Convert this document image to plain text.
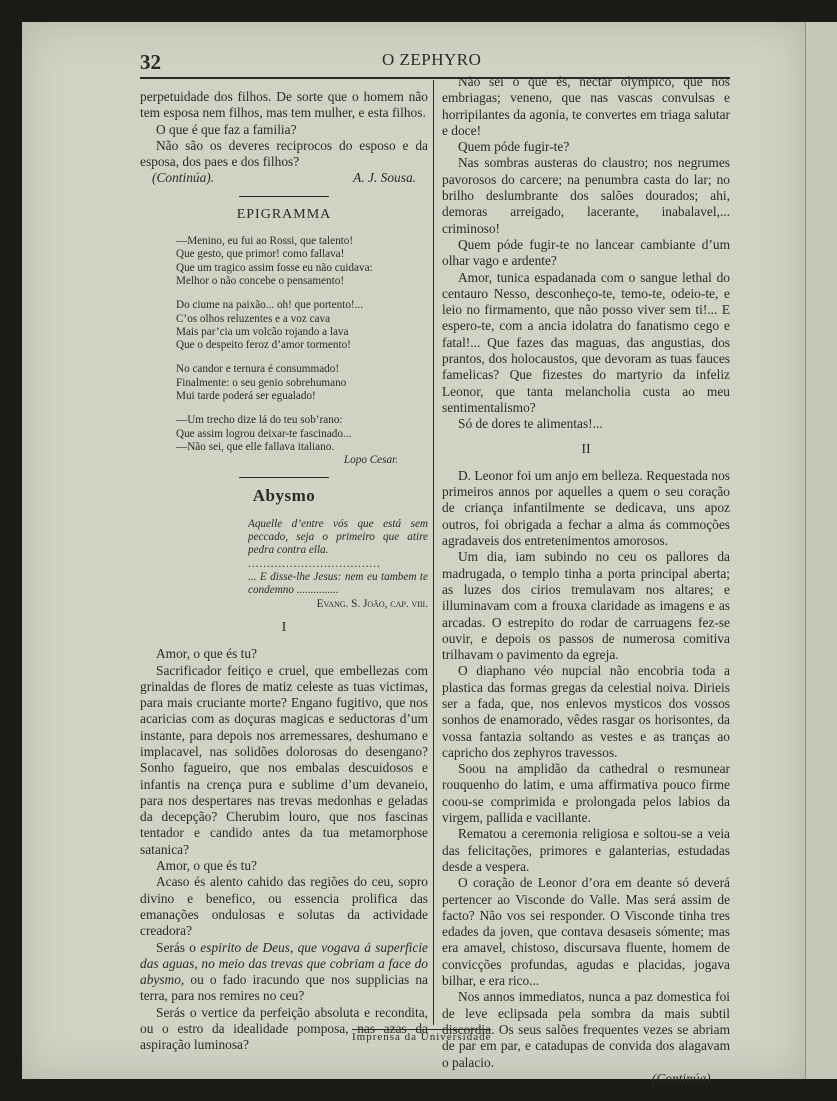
32	O ZEPHYRO

perpetuidade dos filhos. De sorte que o homem não tem esposa nem filhos, mas tem mulher, e esta filhos.

O que é que faz a familia?

Não são os deveres reciprocos do esposo e da esposa, dos paes e dos filhos?

(Continúa).	A. J. Sousa.
EPIGRAMMA
—Menino, eu fui ao Rossi, que talento!
Que gesto, que primor! como fallava!
Que um tragico assim fosse eu não cuidava:
Melhor o não concebe o pensamento!
Do ciume na paixão... oh! que portento!...
C’os olhos reluzentes e a voz cava
Mais par’cia um volcão rojando a lava
Que o despeito feroz d’amor tormento!
No candor e ternura é consummado!
Finalmente: o seu genio sobrehumano
Mui tarde poderá ser egualado!
—Um trecho dize lá do teu sob’rano:
Que assim logrou deixar-te fascinado...
—Não sei, que elle fallava italiano.
Lopo Cesar.
Abysmo
Aquelle d’entre vós que está sem peccado, seja o primeiro que atire pedra contra ella.
...................................
... E disse-lhe Jesus: nem eu tambem te condemno ...............
Evang. S. João, cap. viii.
I

Amor, o que és tu?

Sacrificador feitiço e cruel, que embellezas com grinaldas de flores de matiz celeste as tuas victimas, para mais cruciante morte? Engano fugitivo, que nos acaricias com as doçuras magicas e seductoras d’um instante, para depois nos arremessares, deshumano e implacavel, nas solidões dolorosas do desengano? Sonho fagueiro, que nos embalas descuidosos e infantis na crença pura e sublime d’um devaneio, para nos despertares nas trevas medonhas e geladas da decepção? Cherubim louro, que nos fascinas tentador e candido antes da tua metamorphose satanica?

Amor, o que és tu?

Acaso és alento cahido das regiões do ceu, sopro divino e benefico, ou essencia prolifica das emanações ondulosas e solutas da actividade creadora?

Serás o espirito de Deus, que vogava á superficie das aguas, no meio das trevas que cobriam a face do abysmo, ou o fado iracundo que nos supplicias na terra, para nos remires no ceu?

Serás o vertice da perfeição absoluta e recondita, ou o estro da idealidade pomposa, nas azas da aspiração luminosa?

Não sei o que és, nectar olympico, que nos embriagas; veneno, que nas vascas convulsas e horripilantes da agonia, te convertes em triaga salutar e doce!

Quem póde fugir-te?

Nas sombras austeras do claustro; nos negrumes pavorosos do carcere; na penumbra casta do lar; no brilho deslumbrante dos salões dourados; ahi, demoras arreigado, lacerante, inabalavel,... criminoso!

Quem póde fugir-te no lancear cambiante d’um olhar vago e ardente?

Amor, tunica espadanada com o sangue lethal do centauro Nesso, desconheço-te, temo-te, odeio-te, e leio no firmamento, que não posso viver sem ti!... E espero-te, com a ancia idolatra do fanatismo cego e fatal!... Que fazes das maguas, das angustias, dos prantos, dos holocaustos, que devoram as tuas fauces famelicas? Que fizestes do martyrio da infeliz Leonor, que tanta melancholia custa ao meu sentimentalismo?

Só de dores te alimentas!...

II

D. Leonor foi um anjo em belleza. Requestada nos primeiros annos por aquelles a quem o seu coração de criança infantilmente se dedicava, uns apoz outros, foi obrigada a fechar a alma ás commoções agradaveis dos entretenimentos amorosos.

Um dia, iam subindo no ceu os pallores da madrugada, o templo tinha a porta principal aberta; as luzes dos cirios tremulavam nos altares; e illuminavam com a frouxa claridade as imagens e as arcadas. O estrepito do rodar de carruagens fez-se ouvir, e depois os passos de numerosa comitiva trilhavam o pavimento da egreja.

O diaphano véo nupcial não encobria toda a plastica das formas gregas da celestial noiva. Dirieis ser a fada, que, nos enlevos mysticos dos vossos sonhos de enamorado, vêdes rasgar os horisontes, da vossa fantazia soltando as vestes e as tranças ao capricho dos zephyros travessos.

Soou na amplidão da cathedral o resmunear rouquenho do latim, e uma affirmativa pouco firme coou-se comprimida e prolongada pelos labios da virgem, pallida e vacillante.

Rematou a ceremonia religiosa e soltou-se a veia das felicitações, primores e galanterias, estudadas desde a vespera.

O coração de Leonor d’ora em deante só deverá pertencer ao Visconde do Valle. Mas será assim de facto? Não vos sei responder. O Visconde tinha tres edades da joven, que contava desaseis sómente; mas era amavel, chistoso, discursava fluente, homem de convicções profundas, agudas e placidas, jogava bilhar, e era rico...

Nos annos immediatos, nunca a paz domestica foi de leve eclipsada pela sombra da mais subtil discordia. Os seus salões frequentes vezes se abriam de par em par, e catadupas de convida dos alagavam o palacio.

(Continúa).
Imprensa da Universidade
